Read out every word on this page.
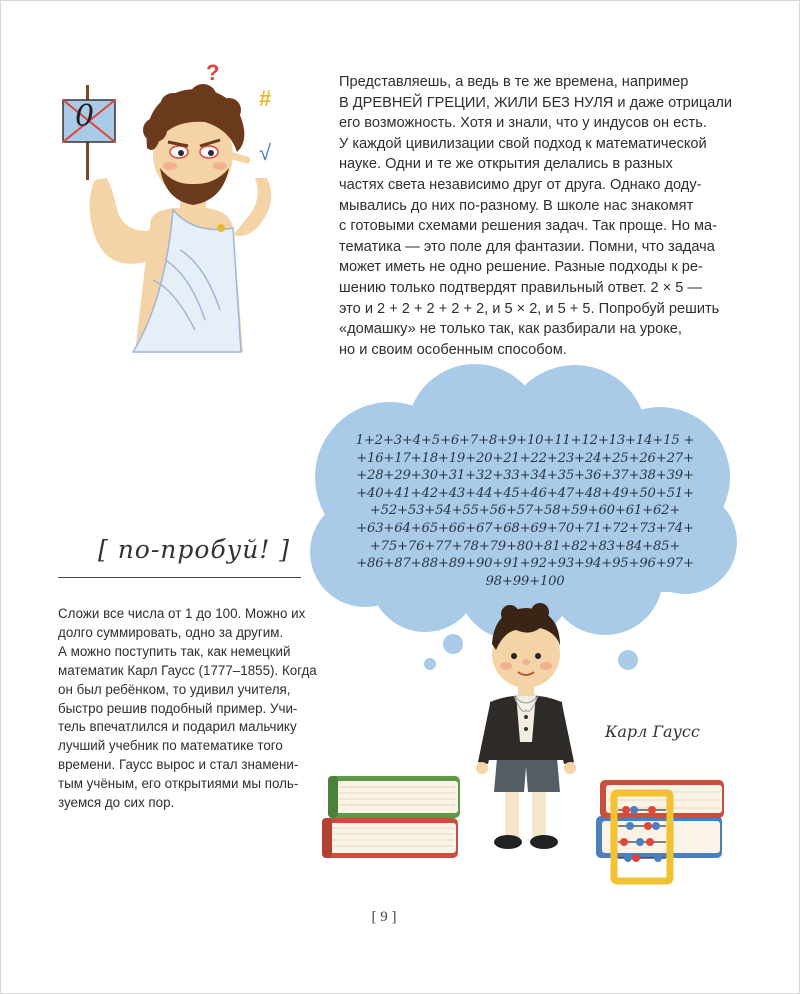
0
?
#
√

Представляешь, а ведь в те же времена, например
В ДРЕВНЕЙ ГРЕЦИИ, ЖИЛИ БЕЗ НУЛЯ и даже отрицали
его возможность. Хотя и знали, что у индусов он есть.
У каждой цивилизации свой подход к математической
науке. Одни и те же открытия делались в разных
частях света независимо друг от друга. Однако доду-
мывались до них по-разному. В школе нас знакомят
с готовыми схемами решения задач. Так проще. Но ма-
тематика — это поле для фантазии. Помни, что задача
может иметь не одно решение. Разные подходы к ре-
шению только подтвердят правильный ответ. 2 × 5 —
это и 2 + 2 + 2 + 2 + 2, и 5 × 2, и 5 + 5. Попробуй решить
«домашку» не только так, как разбирали на уроке,
но и своим особенным способом.

1+2+3+4+5+6+7+8+9+10+11+12+13+14+15 +
+16+17+18+19+20+21+22+23+24+25+26+27+
+28+29+30+31+32+33+34+35+36+37+38+39+
+40+41+42+43+44+45+46+47+48+49+50+51+
+52+53+54+55+56+57+58+59+60+61+62+
+63+64+65+66+67+68+69+70+71+72+73+74+
+75+76+77+78+79+80+81+82+83+84+85+
+86+87+88+89+90+91+92+93+94+95+96+97+
98+99+100
[ по-пробуй! ]

Сложи все числа от 1 до 100. Можно их
долго суммировать, одно за другим.
А можно поступить так, как немецкий
математик Карл Гаусс (1777–1855). Когда
он был ребёнком, то удивил учителя,
быстро решив подобный пример. Учи-
тель впечатлился и подарил мальчику
лучший учебник по математике того
времени. Гаусс вырос и стал знамени-
тым учёным, его открытиями мы поль-
зуемся до сих пор.

Карл Гаусс
[ 9 ]
